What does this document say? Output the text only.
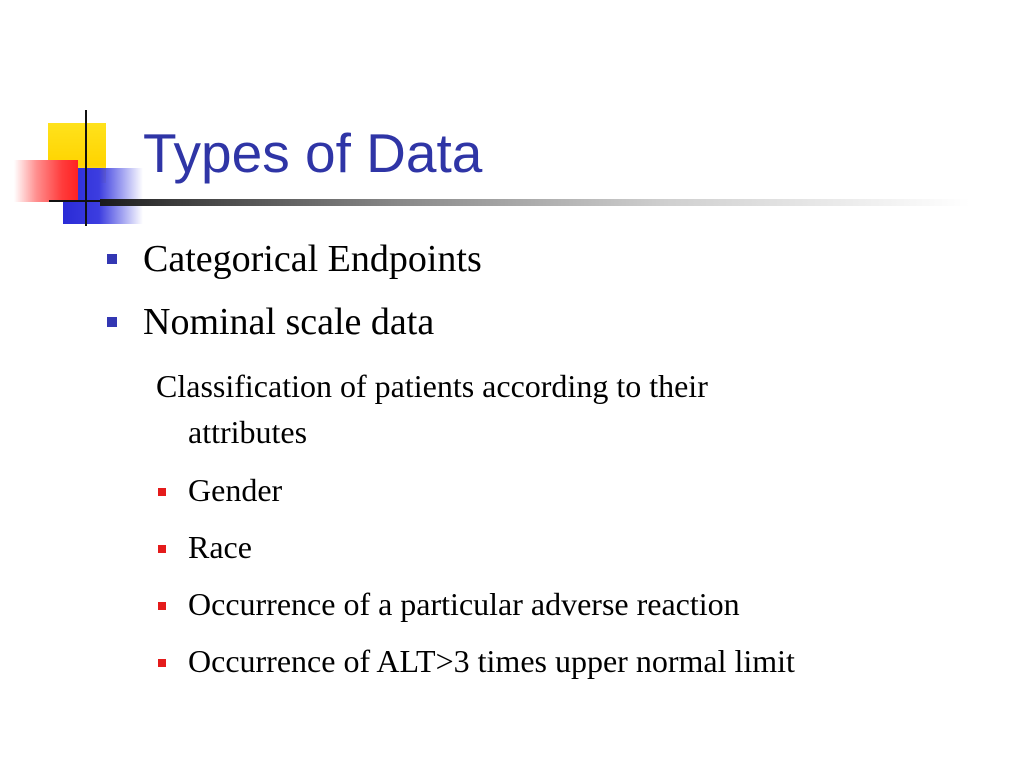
Types of Data
Categorical Endpoints
Nominal scale data
Classification of patients according to their
attributes
Gender
Race
Occurrence of a particular adverse reaction
Occurrence of ALT>3 times upper normal limit
